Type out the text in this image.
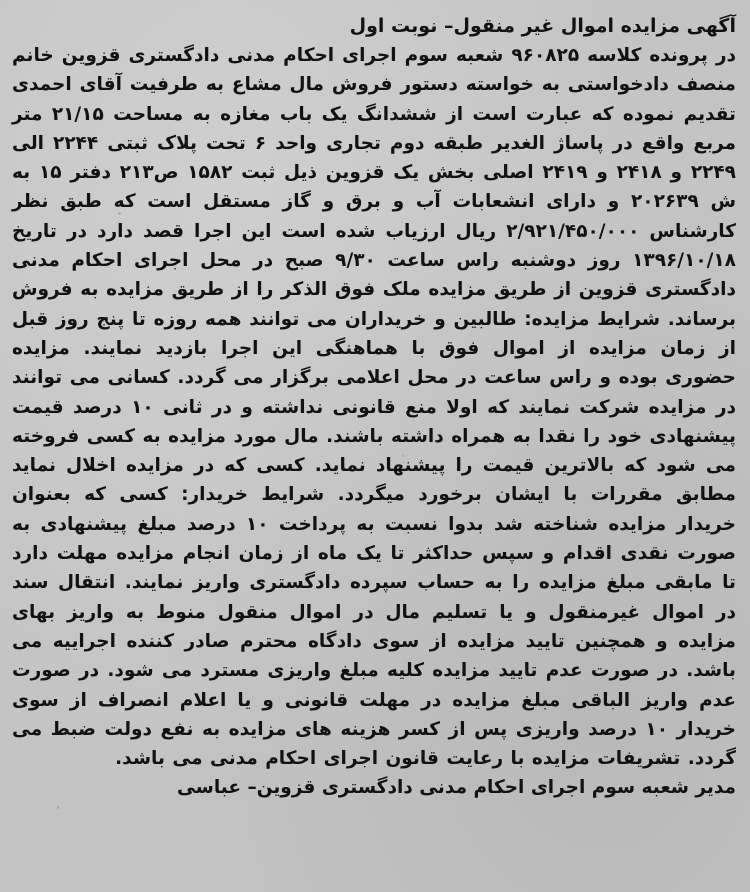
آگهی مزایده اموال غیر منقول– نوبت اول

در پرونده کلاسه ۹۶۰۸۲۵ شعبه سوم اجرای احکام مدنی دادگستری قزوین خانم منصف دادخواستی به خواسته دستور فروش مال مشاع به طرفیت آقای احمدی تقدیم نموده که عبارت است از ششدانگ یک باب مغازه به مساحت ۲۱/۱۵ متر مربع واقع در پاساژ الغدیر طبقه دوم تجاری واحد ۶ تحت پلاک ثبتی ۲۲۴۴ الی ۲۲۴۹ و ۲۴۱۸ و ۲۴۱۹ اصلی بخش یک قزوین ذیل ثبت ۱۵۸۲ ص۲۱۳ دفتر ۱۵ به ش ۲۰۲۶۳۹ و دارای انشعابات آب و برق و گاز مستقل است که طبق نظر کارشناس ۲/۹۲۱/۴۵۰/۰۰۰ ریال ارزیاب شده است این اجرا قصد دارد در تاریخ ۱۳۹۶/۱۰/۱۸ روز دوشنبه راس ساعت ۹/۳۰ صبح در محل اجرای احکام مدنی دادگستری قزوین از طریق مزایده ملک فوق الذکر را از طریق مزایده به فروش برساند. شرایط مزایده: طالبین و خریداران می توانند همه روزه تا پنج روز قبل از زمان مزایده از اموال فوق با هماهنگی این اجرا بازدید نمایند. مزایده حضوری بوده و راس ساعت در محل اعلامی برگزار می گردد. کسانی می توانند در مزایده شرکت نمایند که اولا منع قانونی نداشته و در ثانی ۱۰ درصد قیمت پیشنهادی خود را نقدا به همراه داشته باشند. مال مورد مزایده به کسی فروخته می شود که بالاترین قیمت را پیشنهاد نماید. کسی که در مزایده اخلال نماید مطابق مقررات با ایشان برخورد میگردد. شرایط خریدار: کسی که بعنوان خریدار مزایده شناخته شد بدوا نسبت به پرداخت ۱۰ درصد مبلغ پیشنهادی به صورت نقدی اقدام و سپس حداکثر تا یک ماه از زمان انجام مزایده مهلت دارد تا مابقی مبلغ مزایده را به حساب سپرده دادگستری واریز نمایند. انتقال سند در اموال غیرمنقول و یا تسلیم مال در اموال منقول منوط به واریز بهای مزایده و همچنین تایید مزایده از سوی دادگاه محترم صادر کننده اجراییه می باشد. در صورت عدم تایید مزایده کلیه مبلغ واریزی مسترد می شود. در صورت عدم واریز الباقی مبلغ مزایده در مهلت قانونی و یا اعلام انصراف از سوی خریدار ۱۰ درصد واریزی پس از کسر هزینه های مزایده به نفع دولت ضبط می گردد. تشریفات مزایده با رعایت قانون اجرای احکام مدنی می باشد.

مدیر شعبه سوم اجرای احکام مدنی دادگستری قزوین– عباسی
